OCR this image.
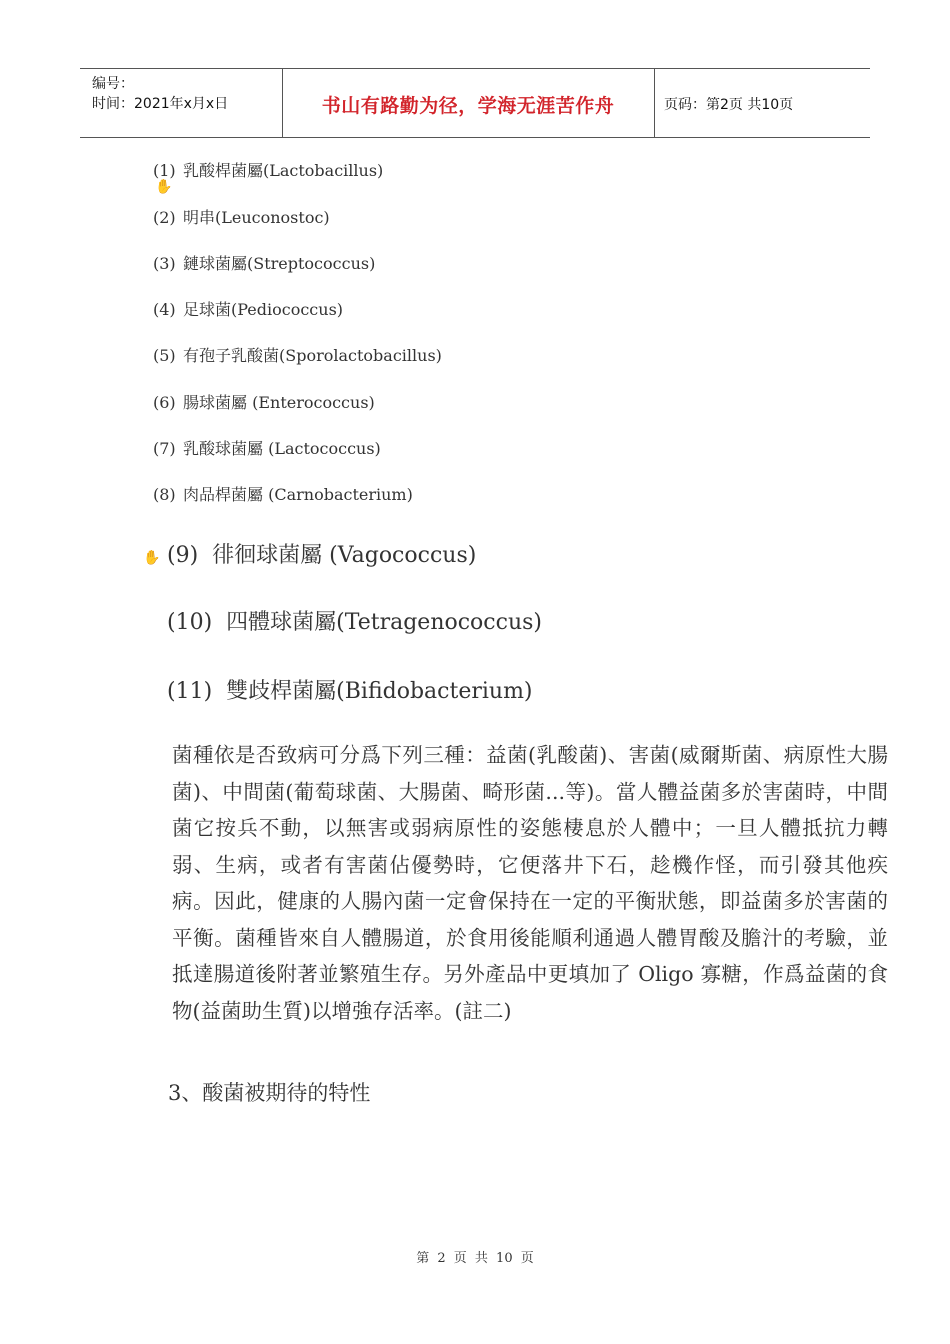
编号：
时间：2021年x月x日	书山有路勤为径，学海无涯苦作舟	页码：第2页 共10页
(1) 乳酸桿菌屬(Lactobacillus)
✋
(2) 明串(Leuconostoc)
(3) 鏈球菌屬(Streptococcus)
(4) 足球菌(Pediococcus)
(5) 有孢子乳酸菌(Sporolactobacillus)
(6) 腸球菌屬 (Enterococcus)
(7) 乳酸球菌屬 (Lactococcus)
(8) 肉品桿菌屬 (Carnobacterium)
✋ (9) 徘徊球菌屬 (Vagococcus)
(10) 四體球菌屬(Tetragenococcus)
(11) 雙歧桿菌屬(Bifidobacterium)
菌種依是否致病可分爲下列三種：益菌(乳酸菌)、害菌(威爾斯菌、病原性大腸菌)、中間菌(葡萄球菌、大腸菌、畸形菌...等)。當人體益菌多於害菌時，中間菌它按兵不動，以無害或弱病原性的姿態棲息於人體中；一旦人體抵抗力轉弱、生病，或者有害菌佔優勢時，它便落井下石，趁機作怪，而引發其他疾病。因此，健康的人腸內菌一定會保持在一定的平衡狀態，即益菌多於害菌的平衡。菌種皆來自人體腸道，於食用後能順利通過人體胃酸及膽汁的考驗，並抵達腸道後附著並繁殖生存。另外產品中更填加了 Oligo 寡糖，作爲益菌的食物(益菌助生質)以增強存活率。(註二)
3、酸菌被期待的特性
第 2 页 共 10 页
